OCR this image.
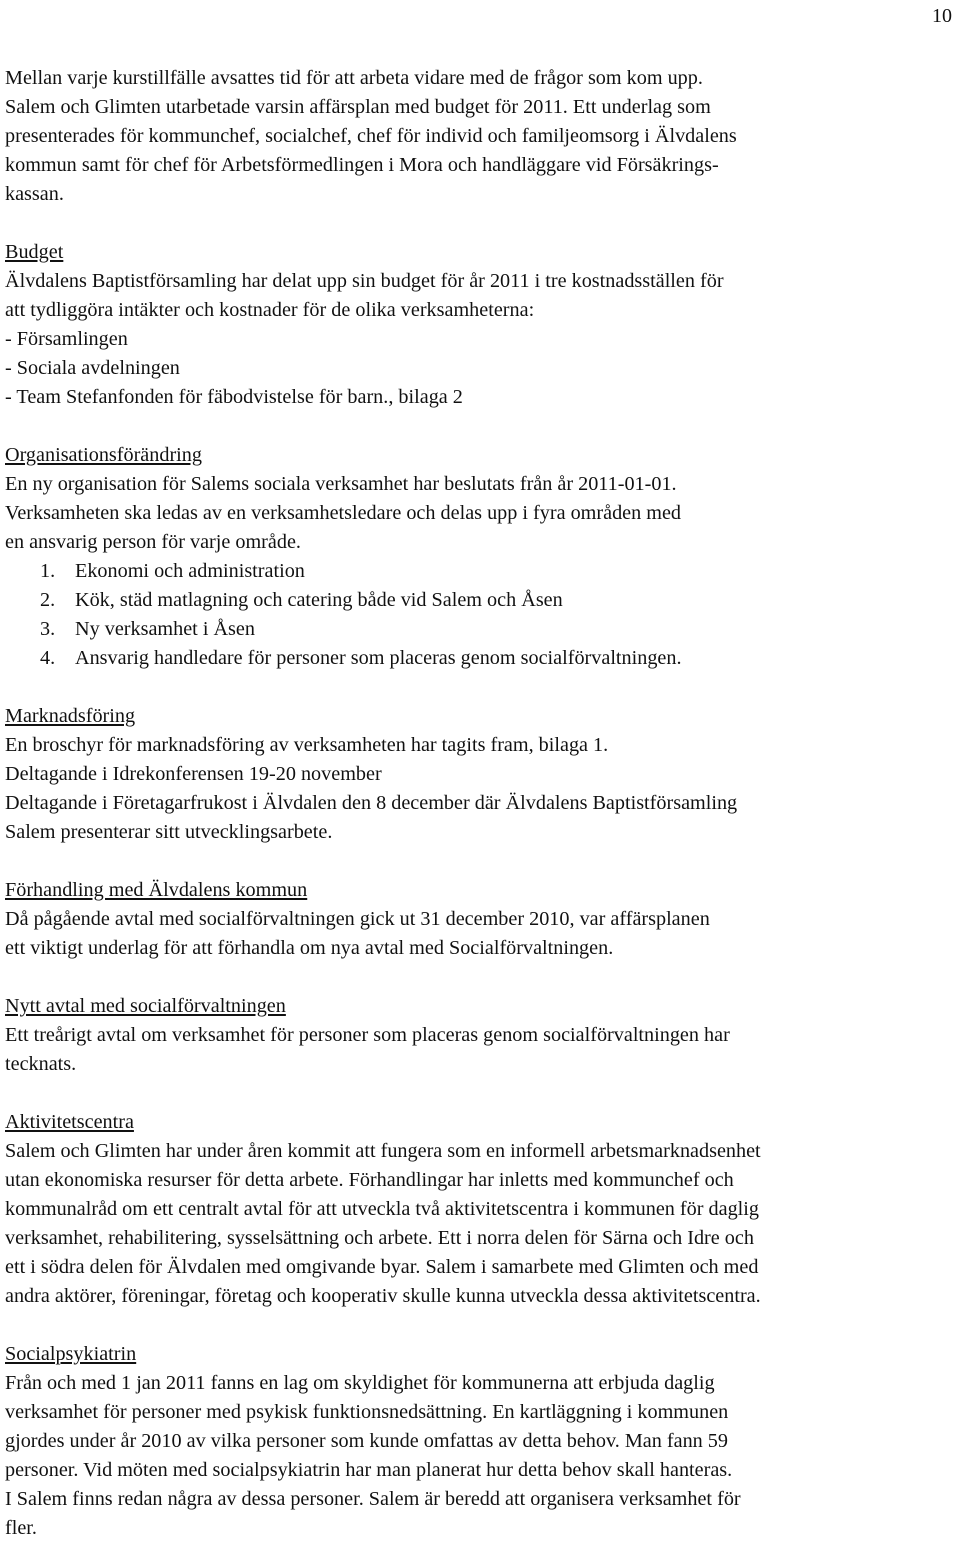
10
Mellan varje kurstillfälle avsattes tid för att arbeta vidare med de frågor som kom upp.
Salem och Glimten utarbetade varsin affärsplan med budget för 2011. Ett underlag som
presenterades för kommunchef, socialchef, chef för individ och familjeomsorg i Älvdalens
kommun samt för chef för Arbetsförmedlingen i Mora och handläggare vid Försäkrings-
kassan.
Budget
Älvdalens Baptistförsamling har delat upp sin budget för år 2011 i tre kostnadsställen för
att tydliggöra intäkter och kostnader för de olika verksamheterna:
- Församlingen
- Sociala avdelningen
- Team Stefanfonden för fäbodvistelse för barn., bilaga 2
Organisationsförändring
En ny organisation för Salems sociala verksamhet har beslutats från år 2011-01-01.
Verksamheten ska ledas av en verksamhetsledare och delas upp i fyra områden med
en ansvarig person för varje område.
1. Ekonomi och administration
2. Kök, städ matlagning och catering både vid Salem och Åsen
3. Ny verksamhet i Åsen
4. Ansvarig handledare för personer som placeras genom socialförvaltningen.
Marknadsföring
En broschyr för marknadsföring av verksamheten har tagits fram, bilaga 1.
Deltagande i Idrekonferensen 19-20 november
Deltagande i Företagarfrukost i Älvdalen den 8 december där Älvdalens Baptistförsamling
Salem presenterar sitt utvecklingsarbete.
Förhandling med Älvdalens kommun
Då pågående avtal med socialförvaltningen gick ut 31 december 2010, var affärsplanen
ett viktigt underlag för att förhandla om nya avtal med Socialförvaltningen.
Nytt avtal med socialförvaltningen
Ett treårigt avtal om verksamhet för personer som placeras genom socialförvaltningen har
tecknats.
Aktivitetscentra
Salem och Glimten har under åren kommit att fungera som en informell arbetsmarknadsenhet
utan ekonomiska resurser för detta arbete. Förhandlingar har inletts med kommunchef och
kommunalråd om ett centralt avtal för att utveckla två aktivitetscentra i kommunen för daglig
verksamhet, rehabilitering, sysselsättning och arbete. Ett i norra delen för Särna och Idre och
ett i södra delen för Älvdalen med omgivande byar. Salem i samarbete med Glimten och med
andra aktörer, föreningar, företag och kooperativ skulle kunna utveckla dessa aktivitetscentra.
Socialpsykiatrin
Från och med 1 jan 2011 fanns en lag om skyldighet för kommunerna att erbjuda daglig
verksamhet för personer med psykisk funktionsnedsättning. En kartläggning i kommunen
gjordes under år 2010 av vilka personer som kunde omfattas av detta behov. Man fann 59
personer. Vid möten med socialpsykiatrin har man planerat hur detta behov skall hanteras.
I Salem finns redan några av dessa personer. Salem är beredd att organisera verksamhet för
fler.
